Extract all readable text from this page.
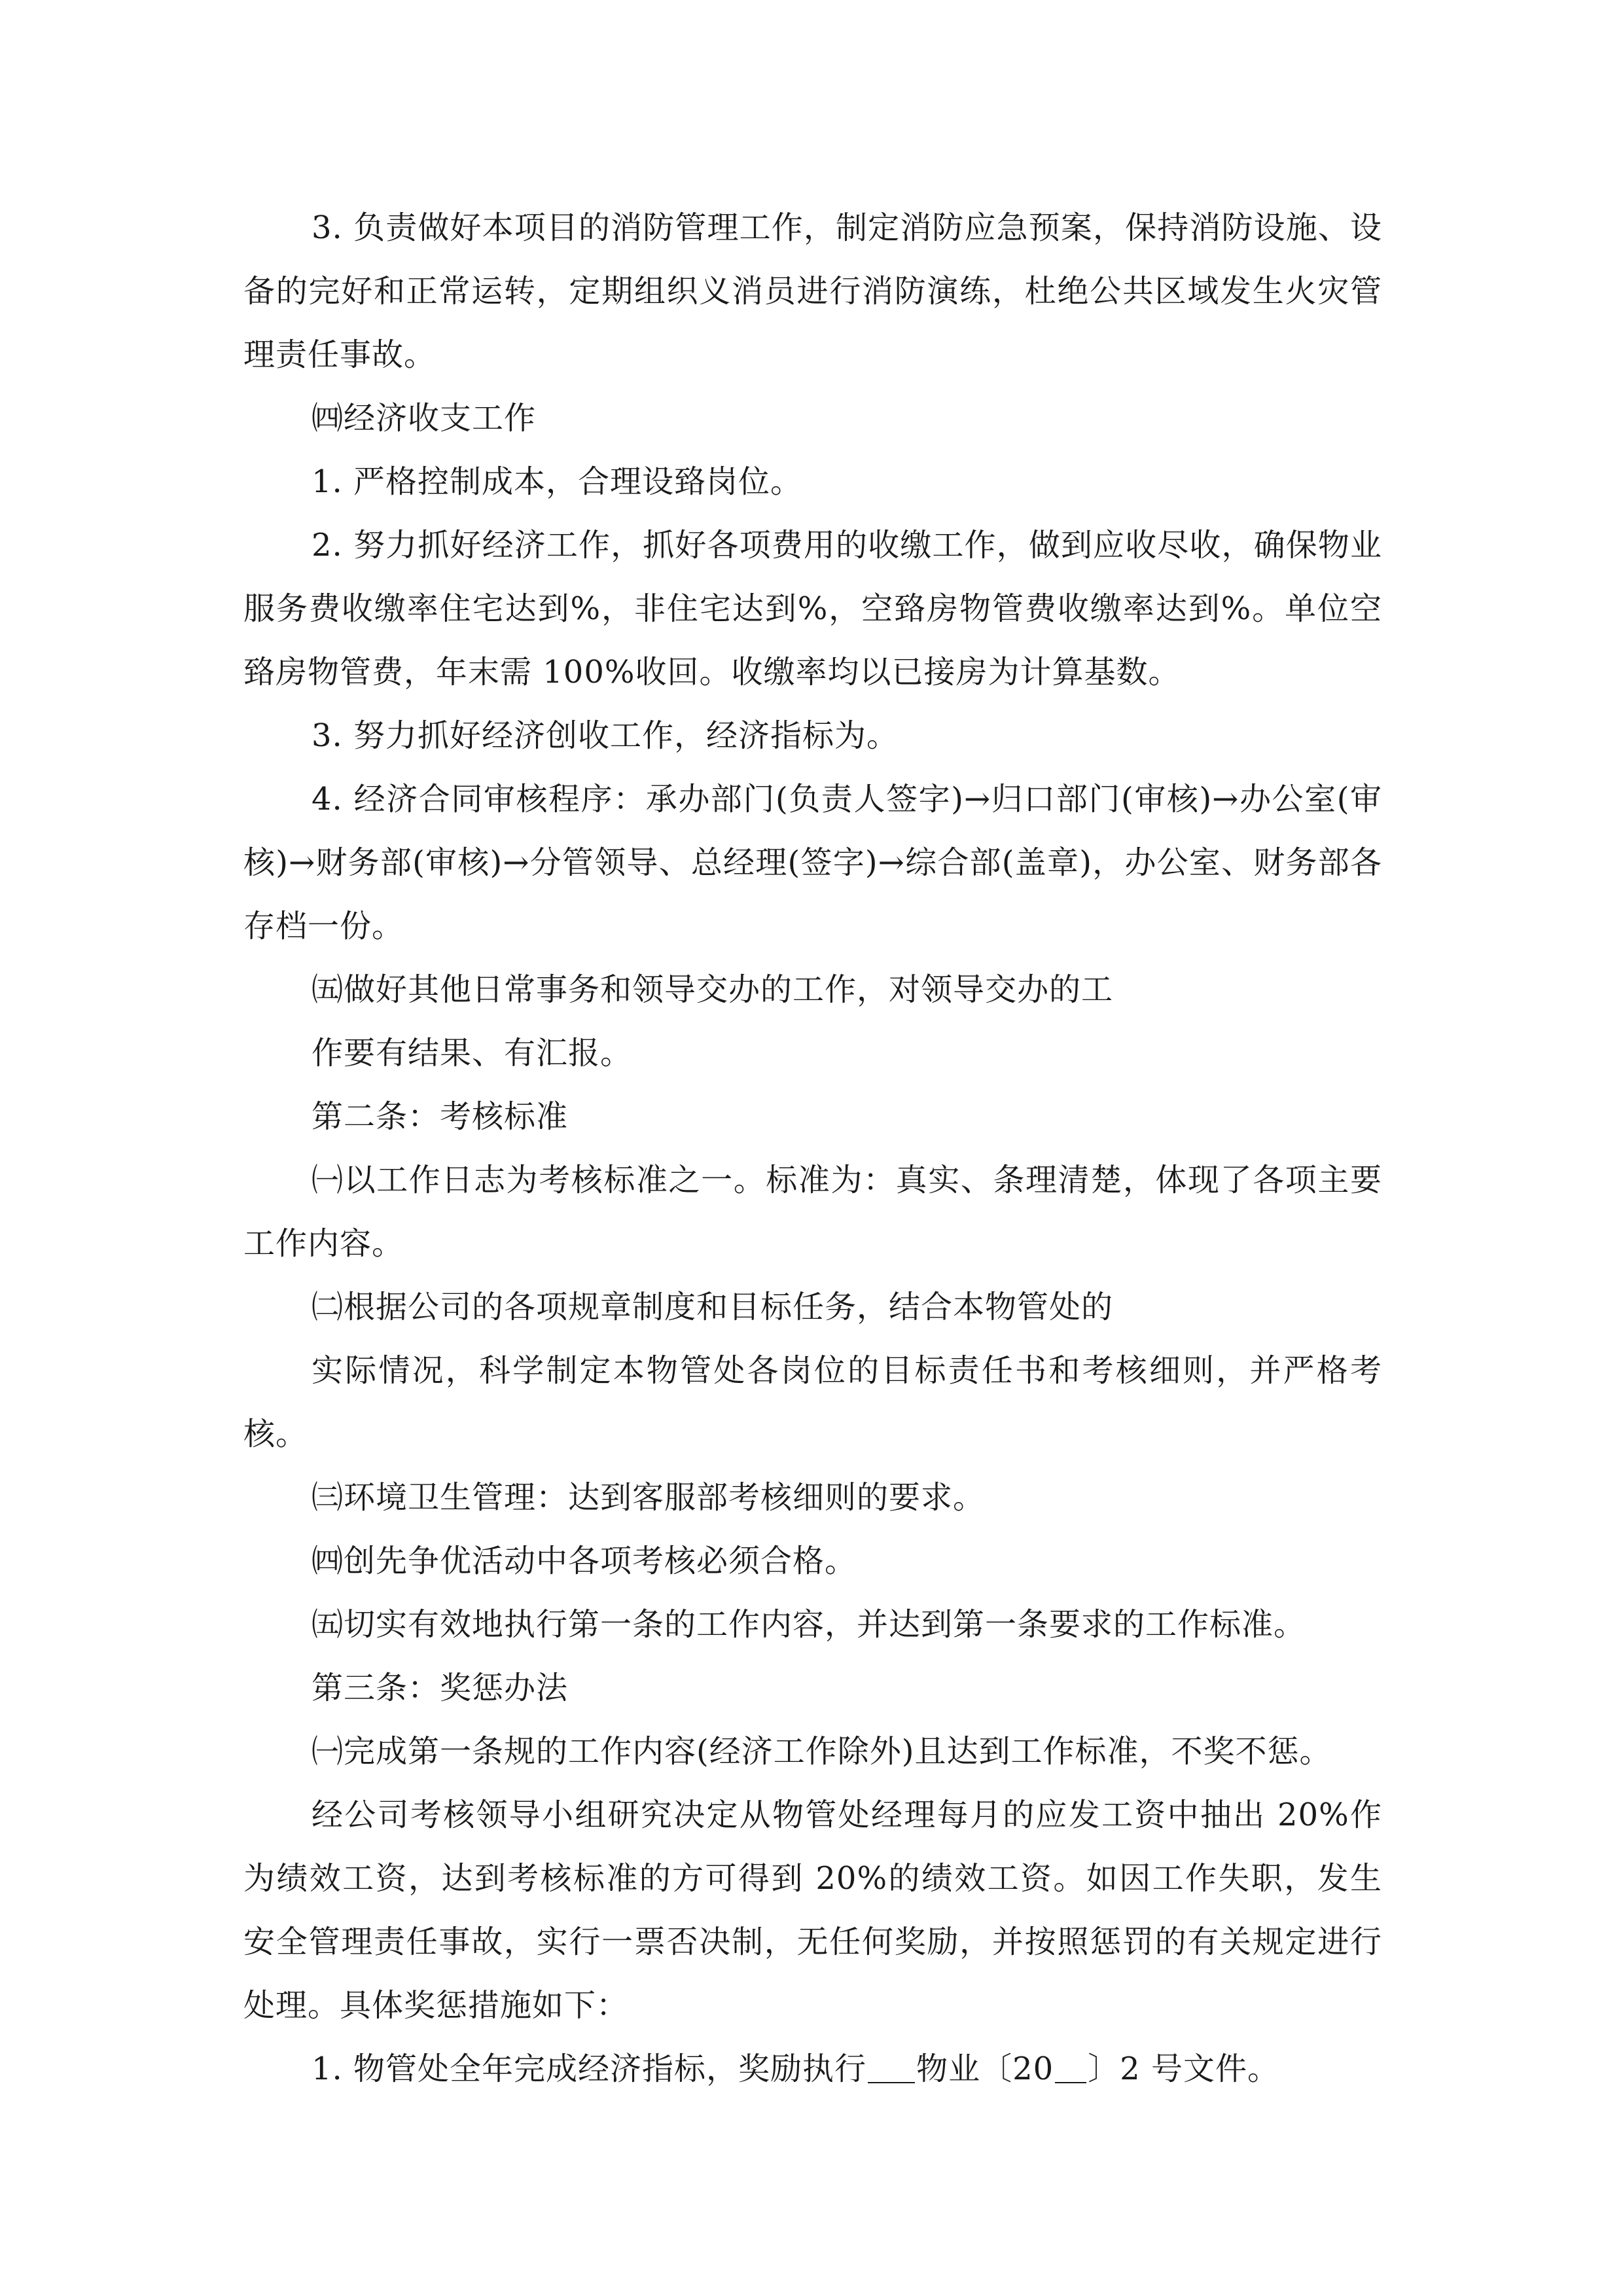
3. 负责做好本项目的消防管理工作，制定消防应急预案，保持消防设施、设备的完好和正常运转，定期组织义消员进行消防演练，杜绝公共区域发生火灾管理责任事故。

㈣经济收支工作

1. 严格控制成本，合理设臵岗位。

2. 努力抓好经济工作，抓好各项费用的收缴工作，做到应收尽收，确保物业服务费收缴率住宅达到%，非住宅达到%，空臵房物管费收缴率达到%。单位空臵房物管费，年末需 100%收回。收缴率均以已接房为计算基数。

3. 努力抓好经济创收工作，经济指标为。

4. 经济合同审核程序：承办部门(负责人签字)→归口部门(审核)→办公室(审核)→财务部(审核)→分管领导、总经理(签字)→综合部(盖章)，办公室、财务部各存档一份。

㈤做好其他日常事务和领导交办的工作，对领导交办的工

作要有结果、有汇报。

第二条：考核标准

㈠以工作日志为考核标准之一。标准为：真实、条理清楚，体现了各项主要工作内容。

㈡根据公司的各项规章制度和目标任务，结合本物管处的

实际情况，科学制定本物管处各岗位的目标责任书和考核细则，并严格考核。

㈢环境卫生管理：达到客服部考核细则的要求。

㈣创先争优活动中各项考核必须合格。

㈤切实有效地执行第一条的工作内容，并达到第一条要求的工作标准。

第三条：奖惩办法

㈠完成第一条规的工作内容(经济工作除外)且达到工作标准，不奖不惩。

经公司考核领导小组研究决定从物管处经理每月的应发工资中抽出 20%作为绩效工资，达到考核标准的方可得到 20%的绩效工资。如因工作失职，发生安全管理责任事故，实行一票否决制，无任何奖励，并按照惩罚的有关规定进行处理。具体奖惩措施如下：

1. 物管处全年完成经济指标，奖励执行 物业〔20 〕2 号文件。
